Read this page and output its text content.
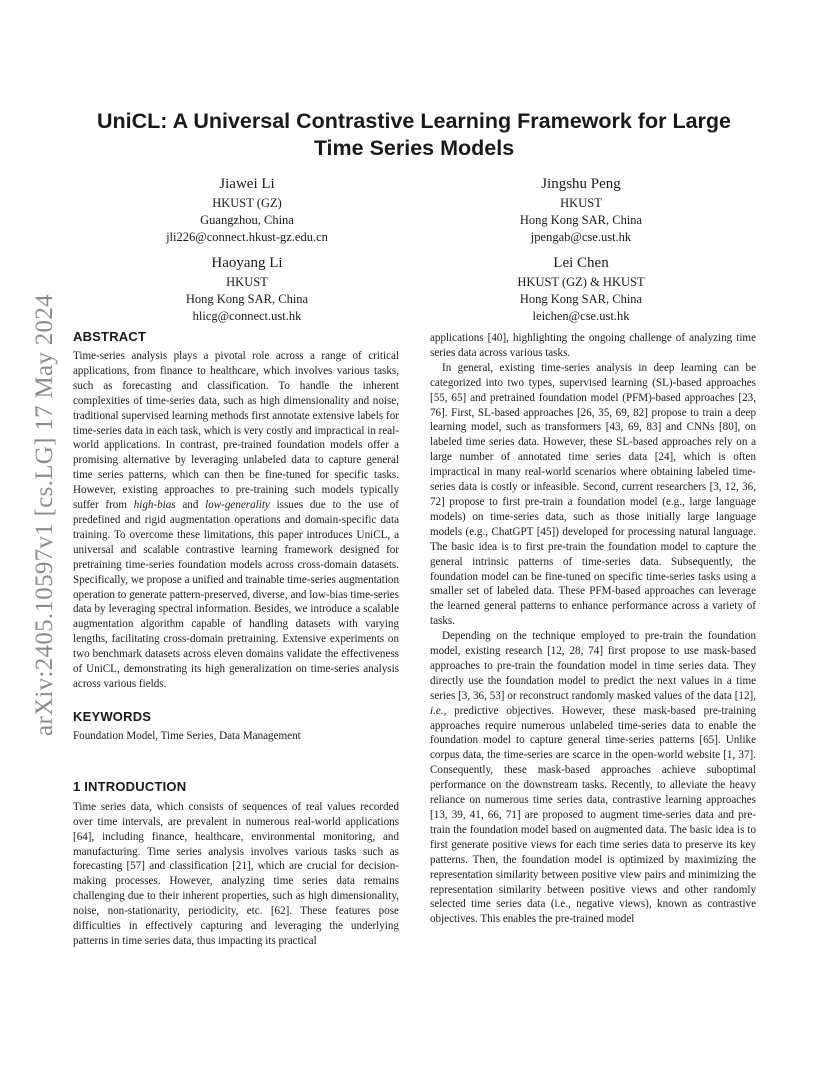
arXiv:2405.10597v1 [cs.LG] 17 May 2024
UniCL: A Universal Contrastive Learning Framework for Large Time Series Models
Jiawei Li
HKUST (GZ)
Guangzhou, China
jli226@connect.hkust-gz.edu.cn
Jingshu Peng
HKUST
Hong Kong SAR, China
jpengab@cse.ust.hk
Haoyang Li
HKUST
Hong Kong SAR, China
hlicg@connect.ust.hk
Lei Chen
HKUST (GZ) & HKUST
Hong Kong SAR, China
leichen@cse.ust.hk
ABSTRACT

Time-series analysis plays a pivotal role across a range of critical applications, from finance to healthcare, which involves various tasks, such as forecasting and classification. To handle the inherent complexities of time-series data, such as high dimensionality and noise, traditional supervised learning methods first annotate extensive labels for time-series data in each task, which is very costly and impractical in real-world applications. In contrast, pre-trained foundation models offer a promising alternative by leveraging unlabeled data to capture general time series patterns, which can then be fine-tuned for specific tasks. However, existing approaches to pre-training such models typically suffer from high-bias and low-generality issues due to the use of predefined and rigid augmentation operations and domain-specific data training. To overcome these limitations, this paper introduces UniCL, a universal and scalable contrastive learning framework designed for pretraining time-series foundation models across cross-domain datasets. Specifically, we propose a unified and trainable time-series augmentation operation to generate pattern-preserved, diverse, and low-bias time-series data by leveraging spectral information. Besides, we introduce a scalable augmentation algorithm capable of handling datasets with varying lengths, facilitating cross-domain pretraining. Extensive experiments on two benchmark datasets across eleven domains validate the effectiveness of UniCL, demonstrating its high generalization on time-series analysis across various fields.

KEYWORDS

Foundation Model, Time Series, Data Management

1 INTRODUCTION

Time series data, which consists of sequences of real values recorded over time intervals, are prevalent in numerous real-world applications [64], including finance, healthcare, environmental monitoring, and manufacturing. Time series analysis involves various tasks such as forecasting [57] and classification [21], which are crucial for decision-making processes. However, analyzing time series data remains challenging due to their inherent properties, such as high dimensionality, noise, non-stationarity, periodicity, etc. [62]. These features pose difficulties in effectively capturing and leveraging the underlying patterns in time series data, thus impacting its practical

applications [40], highlighting the ongoing challenge of analyzing time series data across various tasks.

In general, existing time-series analysis in deep learning can be categorized into two types, supervised learning (SL)-based approaches [55, 65] and pretrained foundation model (PFM)-based approaches [23, 76]. First, SL-based approaches [26, 35, 69, 82] propose to train a deep learning model, such as transformers [43, 69, 83] and CNNs [80], on labeled time series data. However, these SL-based approaches rely on a large number of annotated time series data [24], which is often impractical in many real-world scenarios where obtaining labeled time-series data is costly or infeasible. Second, current researchers [3, 12, 36, 72] propose to first pre-train a foundation model (e.g., large language models) on time-series data, such as those initially large language models (e.g., ChatGPT [45]) developed for processing natural language. The basic idea is to first pre-train the foundation model to capture the general intrinsic patterns of time-series data. Subsequently, the foundation model can be fine-tuned on specific time-series tasks using a smaller set of labeled data. These PFM-based approaches can leverage the learned general patterns to enhance performance across a variety of tasks.

Depending on the technique employed to pre-train the foundation model, existing research [12, 28, 74] first propose to use mask-based approaches to pre-train the foundation model in time series data. They directly use the foundation model to predict the next values in a time series [3, 36, 53] or reconstruct randomly masked values of the data [12], i.e., predictive objectives. However, these mask-based pre-training approaches require numerous unlabeled time-series data to enable the foundation model to capture general time-series patterns [65]. Unlike corpus data, the time-series are scarce in the open-world website [1, 37]. Consequently, these mask-based approaches achieve suboptimal performance on the downstream tasks. Recently, to alleviate the heavy reliance on numerous time series data, contrastive learning approaches [13, 39, 41, 66, 71] are proposed to augment time-series data and pre-train the foundation model based on augmented data. The basic idea is to first generate positive views for each time series data to preserve its key patterns. Then, the foundation model is optimized by maximizing the representation similarity between positive view pairs and minimizing the representation similarity between positive views and other randomly selected time series data (i.e., negative views), known as contrastive objectives. This enables the pre-trained model
